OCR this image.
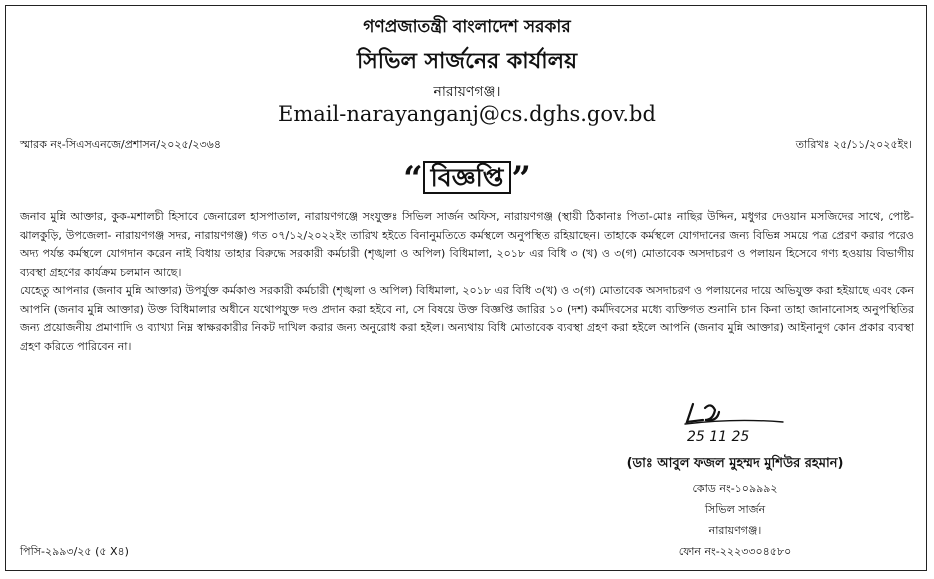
গণপ্রজাতন্ত্রী বাংলাদেশ সরকার
সিভিল সার্জনের কার্যালয়
নারায়ণগঞ্জ।
Email-narayanganj@cs.dghs.gov.bd
স্মারক নং-সিএসএনজে/প্রশাসন/২০২৫/২৩৬৪	তারিখঃ ২৫/১১/২০২৫ইং।
“ বিজ্ঞপ্তি ”

জনাব মুন্নি আক্তার, কুক-মশালচী হিসাবে জেনারেল হাসপাতাল, নারায়ণগঞ্জে সংযুক্তঃ সিভিল সার্জন অফিস, নারায়ণগঞ্জ (স্থায়ী ঠিকানাঃ পিতা-মোঃ নাছির উদ্দিন, মধুগর দেওয়ান মসজিদের সাথে, পোষ্ট- ঝালকুড়ি, উপজেলা- নারায়ণগঞ্জ সদর, নারায়ণগঞ্জ) গত ০৭/১২/২০২২ইং তারিখ হইতে বিনানুমতিতে কর্মস্থলে অনুপস্থিত রহিয়াছেন। তাহাকে কর্মস্থলে যোগদানের জন্য বিভিন্ন সময়ে পত্র প্রেরণ করার পরেও অদ্য পর্যন্ত কর্মস্থলে যোগদান করেন নাই বিধায় তাহার বিরুদ্ধে সরকারী কর্মচারী (শৃঙ্খলা ও অপিল) বিধিমালা, ২০১৮ এর বিধি ৩ (খ) ও ৩(গ) মোতাবেক অসদাচরণ ও পলায়ন হিসেবে গণ্য হওয়ায় বিভাগীয় ব্যবস্থা গ্রহণের কার্যক্রম চলমান আছে।

যেহেতু আপনার (জনাব মুন্নি আক্তার) উপর্যুক্ত কর্মকাণ্ড সরকারী কর্মচারী (শৃঙ্খলা ও অপিল) বিধিমালা, ২০১৮ এর বিধি ৩(খ) ও ৩(গ) মোতাবেক অসদাচরণ ও পলায়নের দায়ে অভিযুক্ত করা হইয়াছে এবং কেন আপনি (জনাব মুন্নি আক্তার) উক্ত বিধিমালার অধীনে যথোপযুক্ত দণ্ড প্রদান করা হইবে না, সে বিষয়ে উক্ত বিজ্ঞপ্তি জারির ১০ (দশ) কর্মদিবসের মধ্যে ব্যক্তিগত শুনানি চান কিনা তাহা জানানোসহ অনুপস্থিতির জন্য প্রয়োজনীয় প্রমাণাদি ও ব্যাখ্যা নিম্ন স্বাক্ষরকারীর নিকট দাখিল করার জন্য অনুরোধ করা হইল। অন্যথায় বিধি মোতাবেক ব্যবস্থা গ্রহণ করা হইলে আপনি (জনাব মুন্নি আক্তার) আইনানুগ কোন প্রকার ব্যবস্থা গ্রহণ করিতে পারিবেন না।

25 11 25
(ডাঃ আবুল ফজল মুহম্মদ মুশিউর রহমান)
কোড নং-১০৯৯৯২
সিভিল সার্জন
নারায়ণগঞ্জ।
ফোন নং-২২২৩৩০৪৫৮০
পিসি-২৯৯৩/২৫ (৫ X৪)
